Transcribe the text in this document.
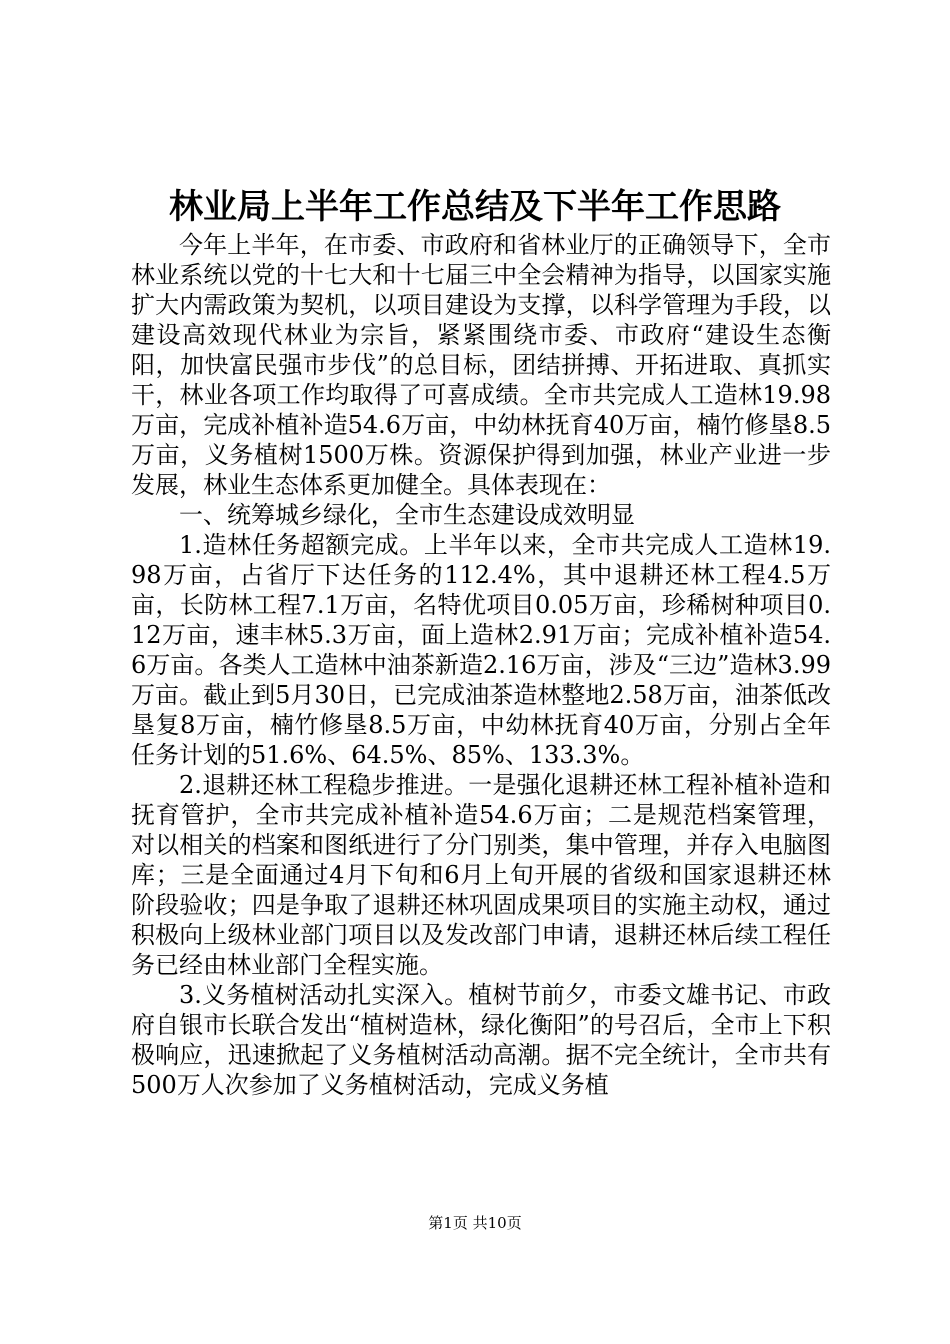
林业局上半年工作总结及下半年工作思路

今年上半年，在市委、市政府和省林业厅的正确领导下，全市林业系统以党的十七大和十七届三中全会精神为指导，以国家实施扩大内需政策为契机，以项目建设为支撑，以科学管理为手段，以建设高效现代林业为宗旨，紧紧围绕市委、市政府“建设生态衡阳，加快富民强市步伐”的总目标，团结拼搏、开拓进取、真抓实干，林业各项工作均取得了可喜成绩。全市共完成人工造林19.98万亩，完成补植补造54.6万亩，中幼林抚育40万亩，楠竹修垦8.5万亩，义务植树1500万株。资源保护得到加强，林业产业进一步发展，林业生态体系更加健全。具体表现在：

一、统筹城乡绿化，全市生态建设成效明显

1.造林任务超额完成。上半年以来，全市共完成人工造林19.98万亩，占省厅下达任务的112.4%，其中退耕还林工程4.5万亩，长防林工程7.1万亩，名特优项目0.05万亩，珍稀树种项目0.12万亩，速丰林5.3万亩，面上造林2.91万亩；完成补植补造54.6万亩。各类人工造林中油茶新造2.16万亩，涉及“三边”造林3.99万亩。截止到5月30日，已完成油茶造林整地2.58万亩，油茶低改垦复8万亩，楠竹修垦8.5万亩，中幼林抚育40万亩，分别占全年任务计划的51.6%、64.5%、85%、133.3%。

2.退耕还林工程稳步推进。一是强化退耕还林工程补植补造和抚育管护，全市共完成补植补造54.6万亩；二是规范档案管理，对以相关的档案和图纸进行了分门别类，集中管理，并存入电脑图库；三是全面通过4月下旬和6月上旬开展的省级和国家退耕还林阶段验收；四是争取了退耕还林巩固成果项目的实施主动权，通过积极向上级林业部门项目以及发改部门申请，退耕还林后续工程任务已经由林业部门全程实施。

3.义务植树活动扎实深入。植树节前夕，市委文雄书记、市政府自银市长联合发出“植树造林，绿化衡阳”的号召后，全市上下积极响应，迅速掀起了义务植树活动高潮。据不完全统计，全市共有500万人次参加了义务植树活动，完成义务植

第1页 共10页
